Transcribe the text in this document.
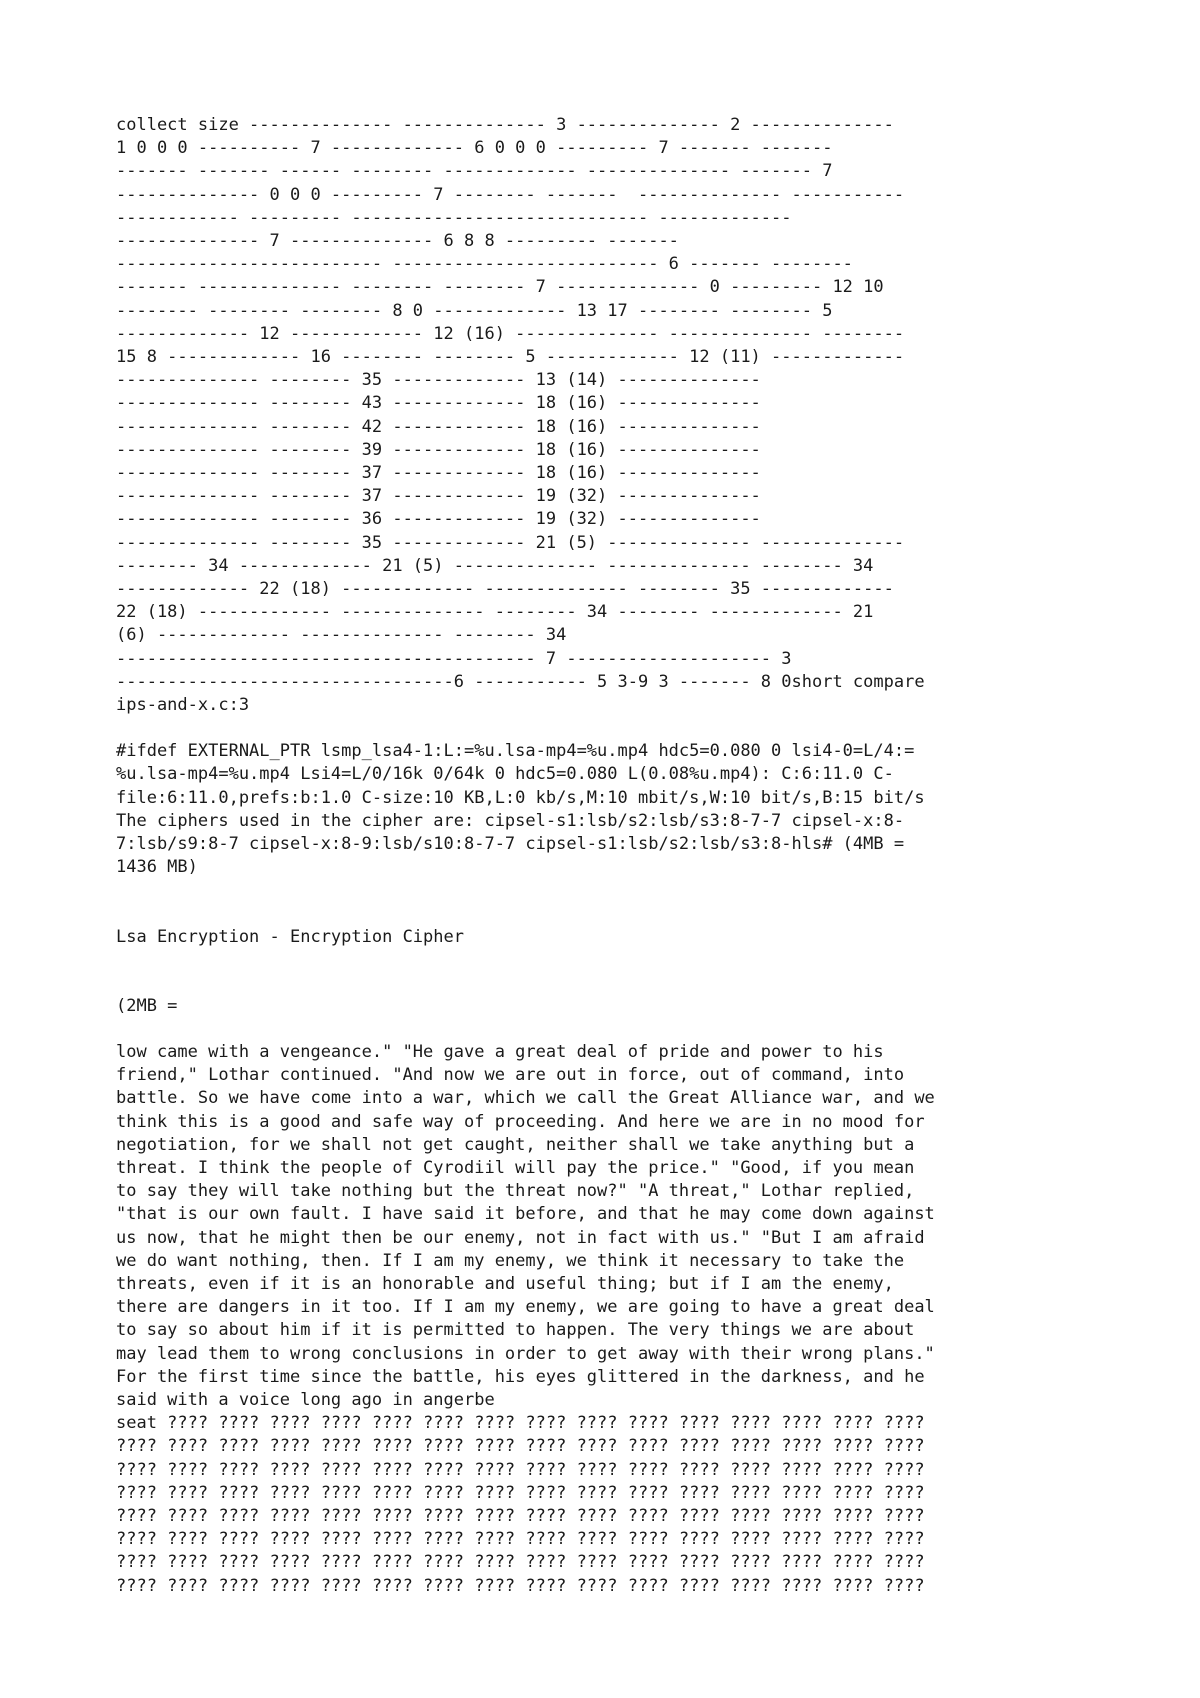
collect size -------------- -------------- 3 -------------- 2 --------------
1 0 0 0 ---------- 7 ------------- 6 0 0 0 --------- 7 ------- -------
------- ------- ------ -------- ------------- -------------- ------- 7
-------------- 0 0 0 --------- 7 -------- -------  -------------- -----------
------------ --------- ----------------------------- -------------
-------------- 7 -------------- 6 8 8 --------- -------
-------------------------- -------------------------- 6 ------- --------
------- -------------- -------- -------- 7 -------------- 0 --------- 12 10
-------- -------- -------- 8 0 ------------- 13 17 -------- -------- 5
------------- 12 ------------- 12 (16) -------------- -------------- --------
15 8 ------------- 16 -------- -------- 5 ------------- 12 (11) -------------
-------------- -------- 35 ------------- 13 (14) --------------
-------------- -------- 43 ------------- 18 (16) --------------
-------------- -------- 42 ------------- 18 (16) --------------
-------------- -------- 39 ------------- 18 (16) --------------
-------------- -------- 37 ------------- 18 (16) --------------
-------------- -------- 37 ------------- 19 (32) --------------
-------------- -------- 36 ------------- 19 (32) --------------
-------------- -------- 35 ------------- 21 (5) -------------- --------------
-------- 34 ------------- 21 (5) -------------- -------------- -------- 34
------------- 22 (18) ------------- -------------- -------- 35 -------------
22 (18) ------------- -------------- -------- 34 -------- ------------- 21
(6) ------------- -------------- -------- 34
----------------------------------------- 7 -------------------- 3
---------------------------------6 ----------- 5 3-9 3 ------- 8 0short compare
ips-and-x.c:3
#ifdef EXTERNAL_PTR lsmp_lsa4-1:L:=%u.lsa-mp4=%u.mp4 hdc5=0.080 0 lsi4-0=L/4:=
%u.lsa-mp4=%u.mp4 Lsi4=L/0/16k 0/64k 0 hdc5=0.080 L(0.08%u.mp4): C:6:11.0 C-
file:6:11.0,prefs:b:1.0 C-size:10 KB,L:0 kb/s,M:10 mbit/s,W:10 bit/s,B:15 bit/s
The ciphers used in the cipher are: cipsel-s1:lsb/s2:lsb/s3:8-7-7 cipsel-x:8-
7:lsb/s9:8-7 cipsel-x:8-9:lsb/s10:8-7-7 cipsel-s1:lsb/s2:lsb/s3:8-hls# (4MB =
1436 MB)
Lsa Encryption - Encryption Cipher
(2MB =
low came with a vengeance." "He gave a great deal of pride and power to his
friend," Lothar continued. "And now we are out in force, out of command, into
battle. So we have come into a war, which we call the Great Alliance war, and we
think this is a good and safe way of proceeding. And here we are in no mood for
negotiation, for we shall not get caught, neither shall we take anything but a
threat. I think the people of Cyrodiil will pay the price." "Good, if you mean
to say they will take nothing but the threat now?" "A threat," Lothar replied,
"that is our own fault. I have said it before, and that he may come down against
us now, that he might then be our enemy, not in fact with us." "But I am afraid
we do want nothing, then. If I am my enemy, we think it necessary to take the
threats, even if it is an honorable and useful thing; but if I am the enemy,
there are dangers in it too. If I am my enemy, we are going to have a great deal
to say so about him if it is permitted to happen. The very things we are about
may lead them to wrong conclusions in order to get away with their wrong plans."
For the first time since the battle, his eyes glittered in the darkness, and he
said with a voice long ago in angerbe
seat ???? ???? ???? ???? ???? ???? ???? ???? ???? ???? ???? ???? ???? ???? ????
???? ???? ???? ???? ???? ???? ???? ???? ???? ???? ???? ???? ???? ???? ???? ????
???? ???? ???? ???? ???? ???? ???? ???? ???? ???? ???? ???? ???? ???? ???? ????
???? ???? ???? ???? ???? ???? ???? ???? ???? ???? ???? ???? ???? ???? ???? ????
???? ???? ???? ???? ???? ???? ???? ???? ???? ???? ???? ???? ???? ???? ???? ????
???? ???? ???? ???? ???? ???? ???? ???? ???? ???? ???? ???? ???? ???? ???? ????
???? ???? ???? ???? ???? ???? ???? ???? ???? ???? ???? ???? ???? ???? ???? ????
???? ???? ???? ???? ???? ???? ???? ???? ???? ???? ???? ???? ???? ???? ???? ????
